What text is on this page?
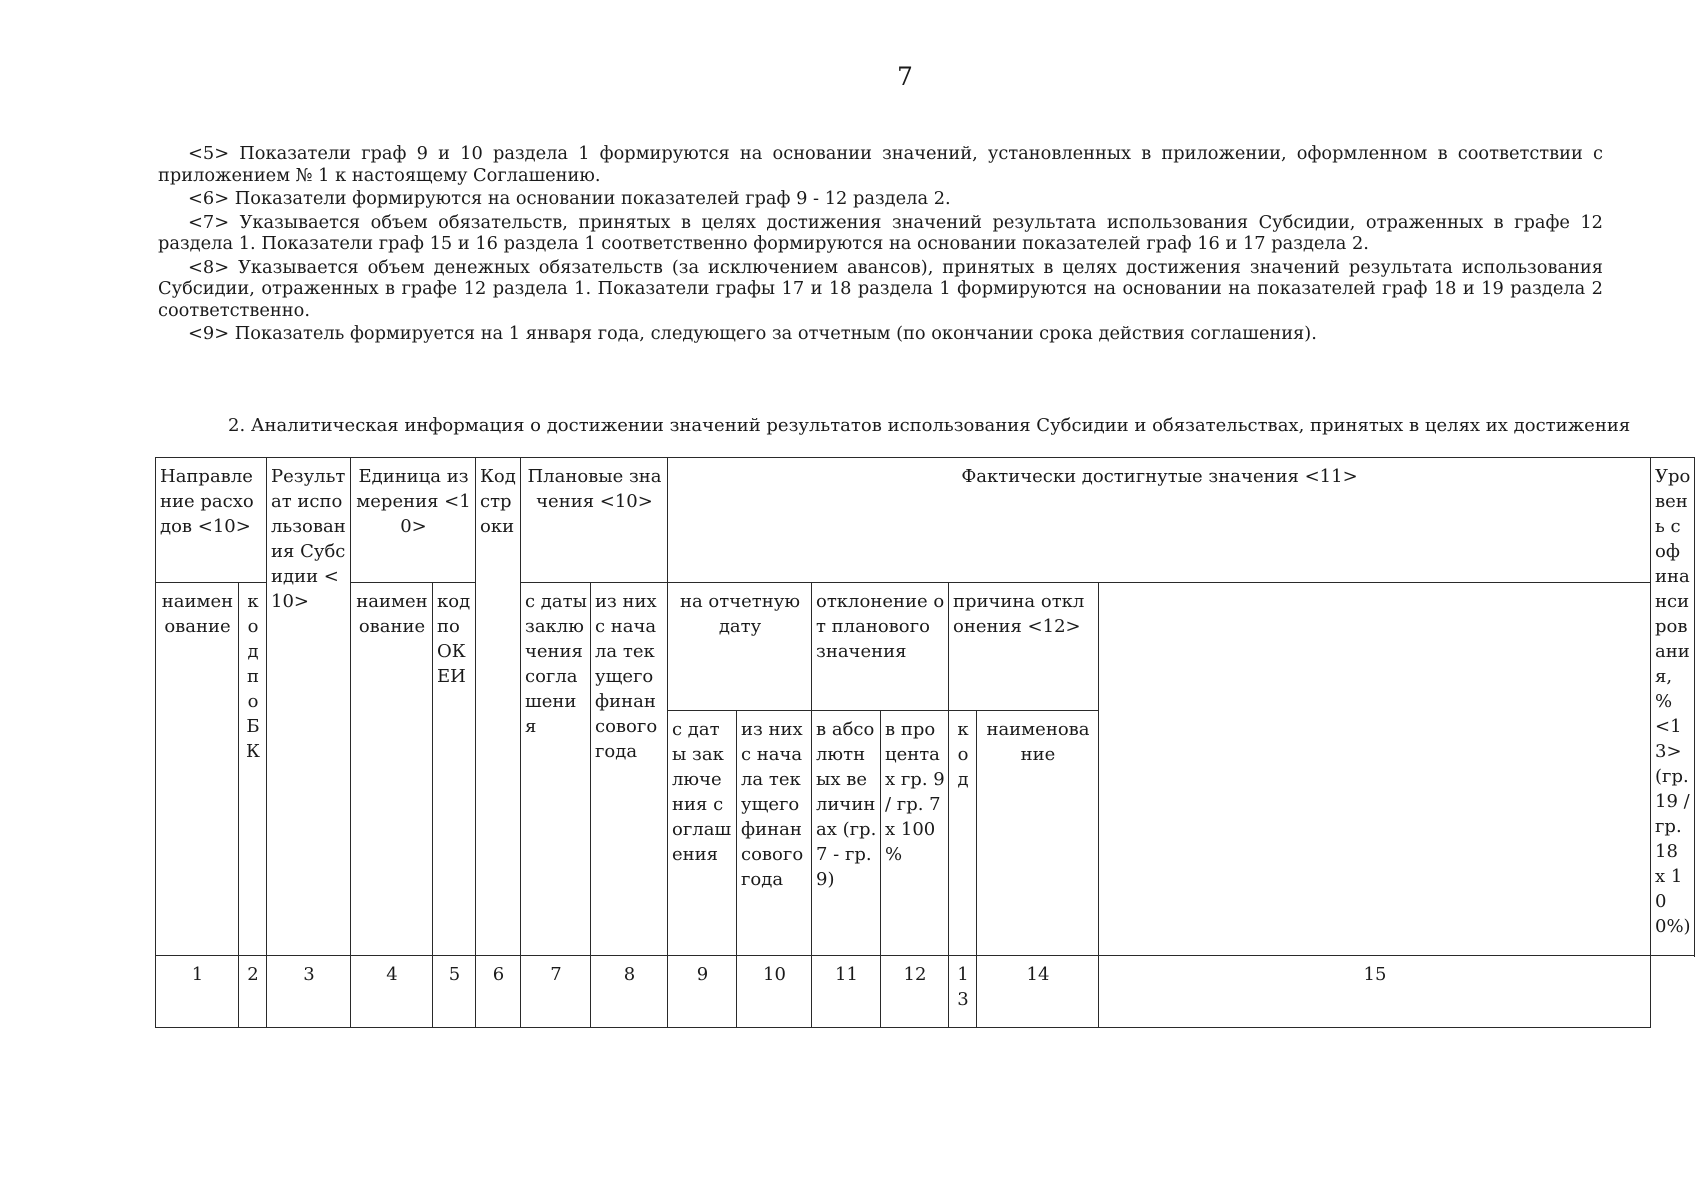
7

<5> Показатели граф 9 и 10 раздела 1 формируются на основании значений, установленных в приложении, оформленном в соответствии с приложением № 1 к настоящему Соглашению.

<6> Показатели формируются на основании показателей граф 9 - 12 раздела 2.

<7> Указывается объем обязательств, принятых в целях достижения значений результата использования Субсидии, отраженных в графе 12 раздела 1. Показатели граф 15 и 16 раздела 1 соответственно формируются на основании показателей граф 16 и 17 раздела 2.

<8> Указывается объем денежных обязательств (за исключением авансов), принятых в целях достижения значений результата использования Субсидии, отраженных в графе 12 раздела 1. Показатели графы 17 и 18 раздела 1 формируются на основании на показателей граф 18 и 19 раздела 2 соответственно.

<9> Показатель формируется на 1 января года, следующего за отчетным (по окончании срока действия соглашения).

2. Аналитическая информация о достижении значений результатов использования Субсидии и обязательствах, принятых в целях их достижения
Направление расходов <10>		Результат использования Субсидии <10>	Единица измерения <10>		Код строки	Плановые значения <10>		Фактически достигнутые значения <11>							Уровень софинансирования, % <13> (гр. 19 / гр. 18 х 100%)
наименование	код по БК		наименование	код по ОКЕИ		с даты заключения соглашения	из них с начала текущего финансового года	на отчетную дату		отклонение от планового значения		причина отклонения <12>			
								с даты заключения соглашения	из них с начала текущего финансового года	в абсолютных величинах (гр. 7 - гр. 9)	в процентах гр. 9 / гр. 7 х 100 %	код	наименование		

1	2	3	4	5	6	7	8	9	10	11	12	13	14	15	
